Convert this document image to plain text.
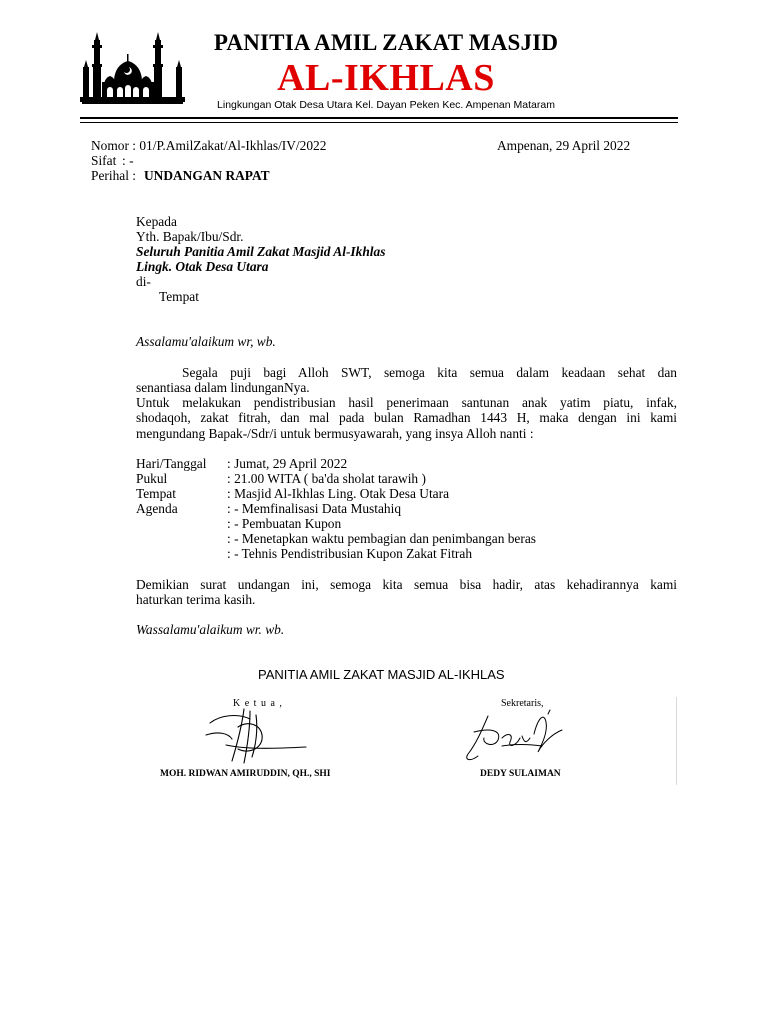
PANITIA AMIL ZAKAT MASJID
AL-IKHLAS
Lingkungan Otak Desa Utara Kel. Dayan Peken Kec. Ampenan Mataram
Nomor : 01/P.AmilZakat/Al-Ikhlas/IV/2022	Ampenan, 29 April 2022
Sifat : -
Perihal : UNDANGAN RAPAT
Kepada
Yth. Bapak/Ibu/Sdr.
Seluruh Panitia Amil Zakat Masjid Al-Ikhlas
Lingk. Otak Desa Utara
di-
Tempat
Assalamu'alaikum wr, wb.
Segala puji bagi Alloh SWT, semoga kita semua dalam keadaan sehat dan
senantiasa dalam lindunganNya.
Untuk melakukan pendistribusian hasil penerimaan santunan anak yatim piatu, infak,
shodaqoh, zakat fitrah, dan mal pada bulan Ramadhan 1443 H, maka dengan ini kami
mengundang Bapak-/Sdr/i untuk bermusyawarah, yang insya Alloh nanti :
Hari/Tanggal : Jumat, 29 April 2022
Pukul	: 21.00 WITA ( ba'da sholat tarawih )
Tempat	: Masjid Al-Ikhlas Ling. Otak Desa Utara
Agenda	: - Memfinalisasi Data Mustahiq
: - Pembuatan Kupon
: - Menetapkan waktu pembagian dan penimbangan beras
: - Tehnis Pendistribusian Kupon Zakat Fitrah
Demikian surat undangan ini, semoga kita semua bisa hadir, atas kehadirannya kami
haturkan terima kasih.
Wassalamu'alaikum wr. wb.
PANITIA AMIL ZAKAT MASJID AL-IKHLAS
K e t u a ,
MOH. RIDWAN AMIRUDDIN, QH., SHI
Sekretaris,
DEDY SULAIMAN
